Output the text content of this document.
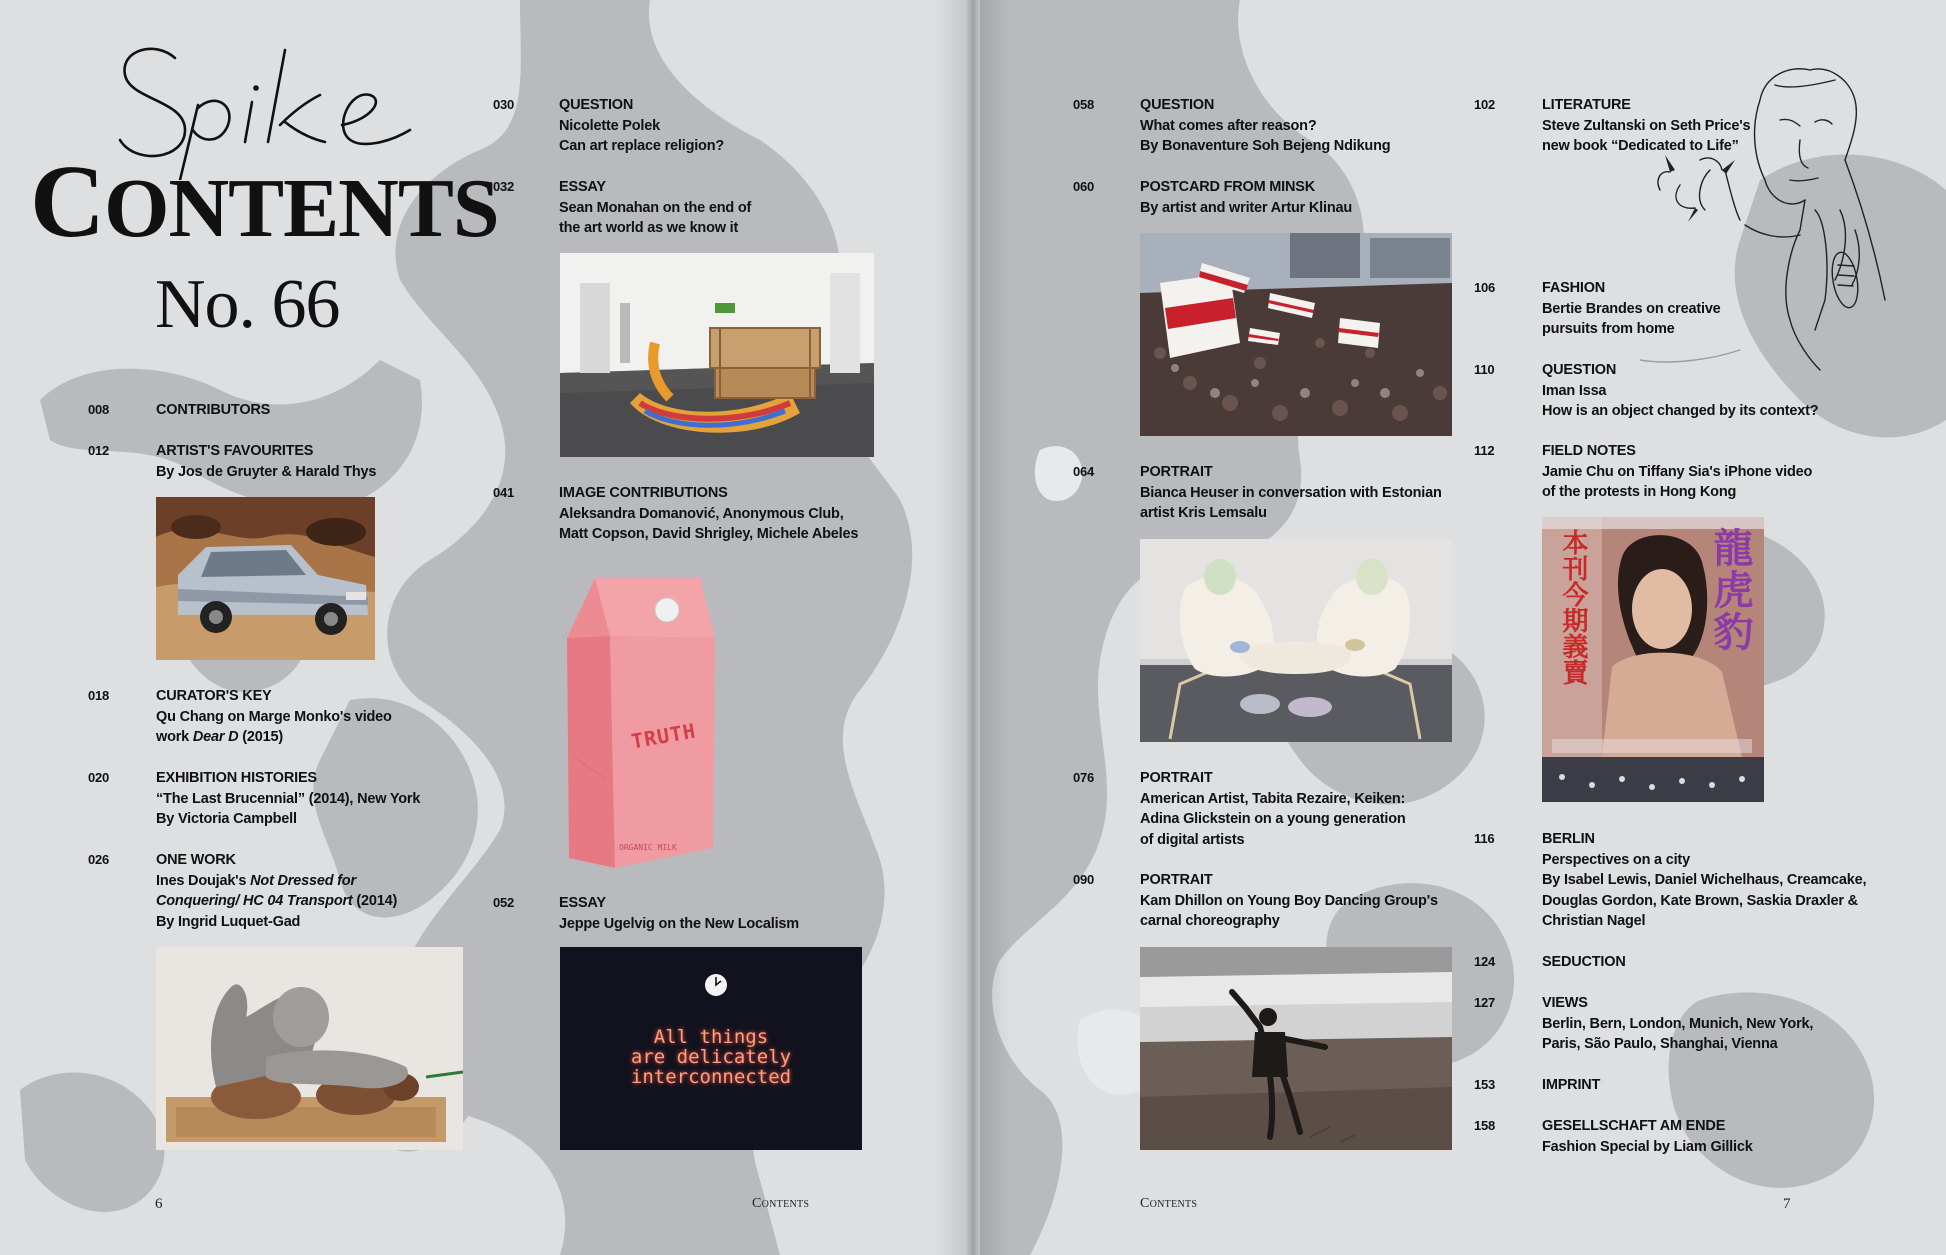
CONTENTS
No. 66
008	CONTRIBUTORS
012	ARTIST'S FAVOURITES
By Jos de Gruyter & Harald Thys
018	CURATOR'S KEY
Qu Chang on Marge Monko's video
work Dear D (2015)
020	EXHIBITION HISTORIES
“The Last Brucennial” (2014), New York
By Victoria Campbell
026	ONE WORK
Ines Doujak's Not Dressed for
Conquering/ HC 04 Transport (2014)
By Ingrid Luquet-Gad
030	QUESTION
Nicolette Polek
Can art replace religion?
032	ESSAY
Sean Monahan on the end of
the art world as we know it
041	IMAGE CONTRIBUTIONS
Aleksandra Domanović, Anonymous Club,
Matt Copson, David Shrigley, Michele Abeles
ORGANIC MILK
TRUTH
052	ESSAY
Jeppe Ugelvig on the New Localism
All things
are delicately
interconnected
6	Contents
058	QUESTION
What comes after reason?
By Bonaventure Soh Bejeng Ndikung
060	POSTCARD FROM MINSK
By artist and writer Artur Klinau
064	PORTRAIT
Bianca Heuser in conversation with Estonian
artist Kris Lemsalu
076	PORTRAIT
American Artist, Tabita Rezaire, Keiken:
Adina Glickstein on a young generation
of digital artists
090	PORTRAIT
Kam Dhillon on Young Boy Dancing Group's
carnal choreography
102	LITERATURE
Steve Zultanski on Seth Price's
new book “Dedicated to Life”
106	FASHION
Bertie Brandes on creative
pursuits from home
110	QUESTION
Iman Issa
How is an object changed by its context?
112	FIELD NOTES
Jamie Chu on Tiffany Sia's iPhone video
of the protests in Hong Kong
龍虎豹
本刊今期義賣
116	BERLIN
Perspectives on a city
By Isabel Lewis, Daniel Wichelhaus, Creamcake,
Douglas Gordon, Kate Brown, Saskia Draxler &
Christian Nagel
124	SEDUCTION
127	VIEWS
Berlin, Bern, London, Munich, New York,
Paris, São Paulo, Shanghai, Vienna
153	IMPRINT
158	GESELLSCHAFT AM ENDE
Fashion Special by Liam Gillick
Contents	7
